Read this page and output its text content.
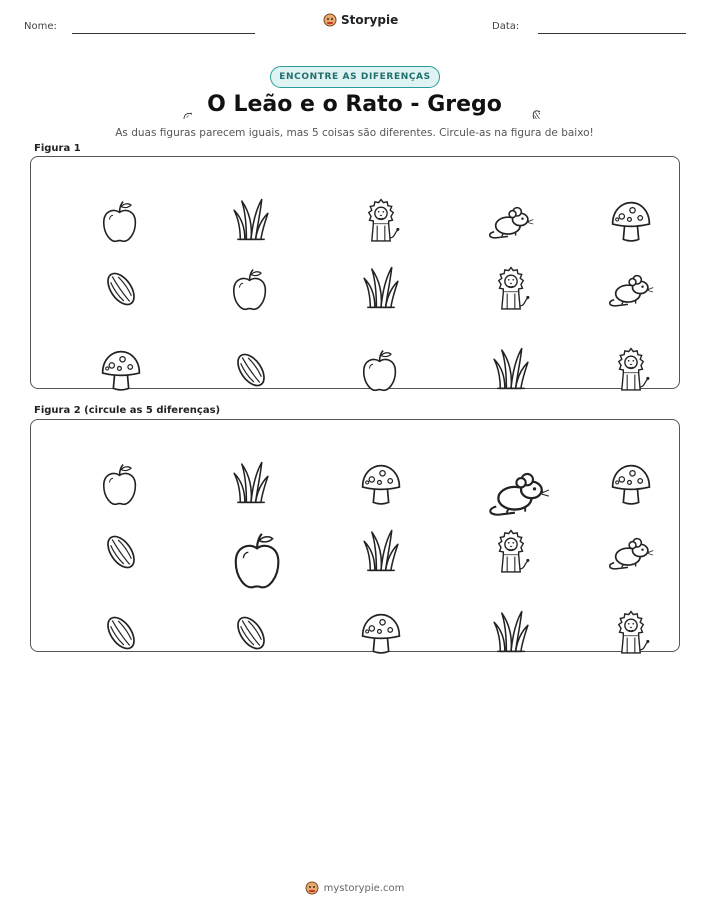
Nome:	Storypie	Data:
ENCONTRE AS DIFERENÇAS
O Leão e o Rato - Grego
As duas figuras parecem iguais, mas 5 coisas são diferentes. Circule-as na figura de baixo!
Figura 1
Figura 2 (circule as 5 diferenças)
mystorypie.com
